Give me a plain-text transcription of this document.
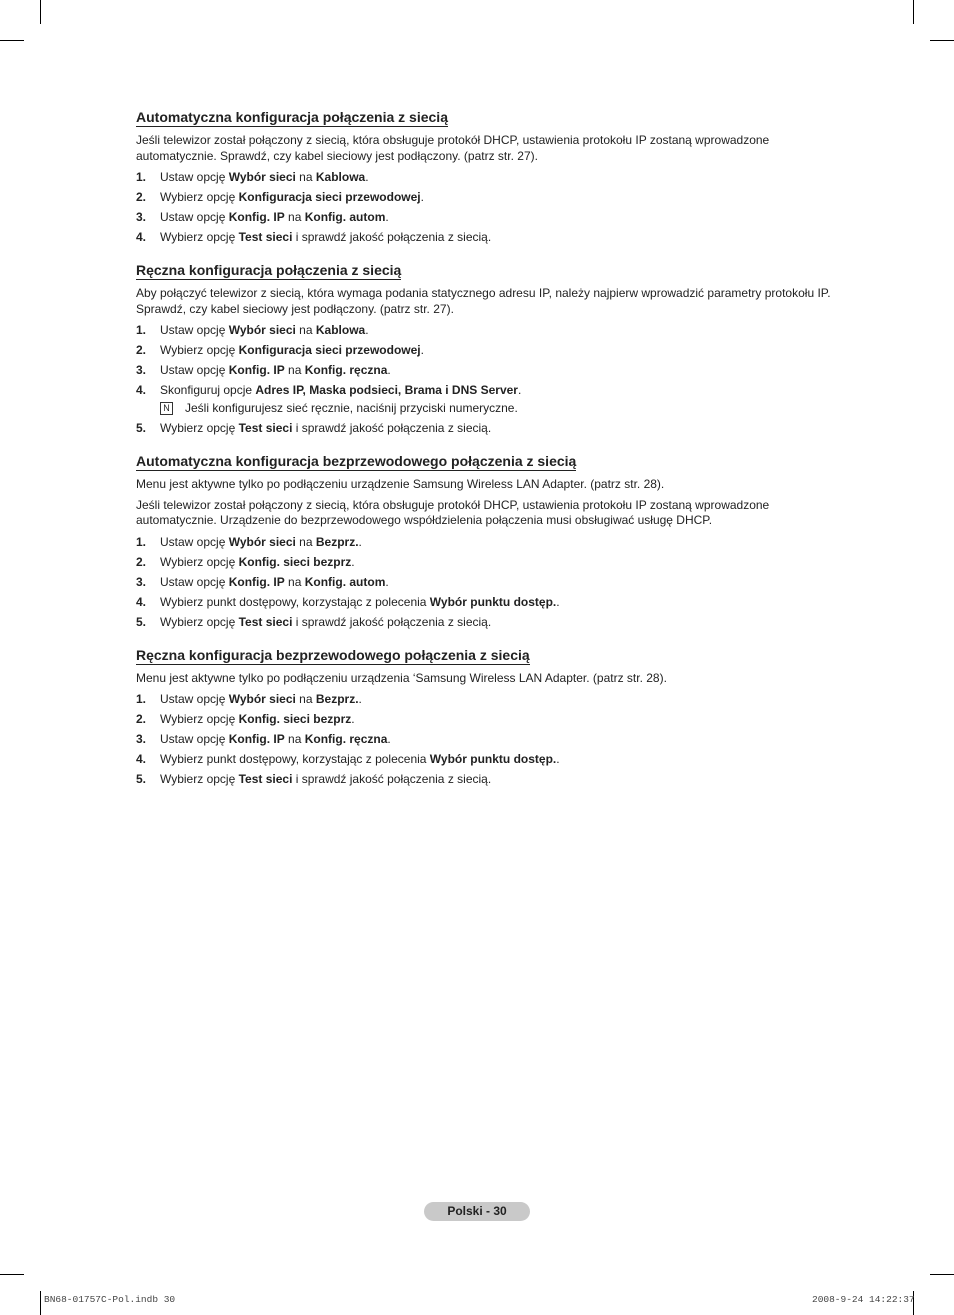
Automatyczna konfiguracja połączenia z siecią

Jeśli telewizor został połączony z siecią, która obsługuje protokół DHCP, ustawienia protokołu IP zostaną wprowadzone automatycznie. Sprawdź, czy kabel sieciowy jest podłączony. (patrz str. 27).

1. Ustaw opcję Wybór sieci na Kablowa.
2. Wybierz opcję Konfiguracja sieci przewodowej.
3. Ustaw opcję Konfig. IP na Konfig. autom.
4. Wybierz opcję Test sieci i sprawdź jakość połączenia z siecią.
Ręczna konfiguracja połączenia z siecią

Aby połączyć telewizor z siecią, która wymaga podania statycznego adresu IP, należy najpierw wprowadzić parametry protokołu IP. Sprawdź, czy kabel sieciowy jest podłączony. (patrz str. 27).

1. Ustaw opcję Wybór sieci na Kablowa.
2. Wybierz opcję Konfiguracja sieci przewodowej.
3. Ustaw opcję Konfig. IP na Konfig. ręczna.
4. Skonfiguruj opcje Adres IP, Maska podsieci, Brama i DNS Server.
N Jeśli konfigurujesz sieć ręcznie, naciśnij przyciski numeryczne.
5. Wybierz opcję Test sieci i sprawdź jakość połączenia z siecią.
Automatyczna konfiguracja bezprzewodowego połączenia z siecią

Menu jest aktywne tylko po podłączeniu urządzenie Samsung Wireless LAN Adapter. (patrz str. 28).

Jeśli telewizor został połączony z siecią, która obsługuje protokół DHCP, ustawienia protokołu IP zostaną wprowadzone automatycznie. Urządzenie do bezprzewodowego współdzielenia połączenia musi obsługiwać usługę DHCP.

1. Ustaw opcję Wybór sieci na Bezprz..
2. Wybierz opcję Konfig. sieci bezprz.
3. Ustaw opcję Konfig. IP na Konfig. autom.
4. Wybierz punkt dostępowy, korzystając z polecenia Wybór punktu dostęp..
5. Wybierz opcję Test sieci i sprawdź jakość połączenia z siecią.
Ręczna konfiguracja bezprzewodowego połączenia z siecią

Menu jest aktywne tylko po podłączeniu urządzenia ‘Samsung Wireless LAN Adapter. (patrz str. 28).

1. Ustaw opcję Wybór sieci na Bezprz..
2. Wybierz opcję Konfig. sieci bezprz.
3. Ustaw opcję Konfig. IP na Konfig. ręczna.
4. Wybierz punkt dostępowy, korzystając z polecenia Wybór punktu dostęp..
5. Wybierz opcję Test sieci i sprawdź jakość połączenia z siecią.
Polski - 30
BN68-01757C-Pol.indb 30	2008-9-24 14:22:37
